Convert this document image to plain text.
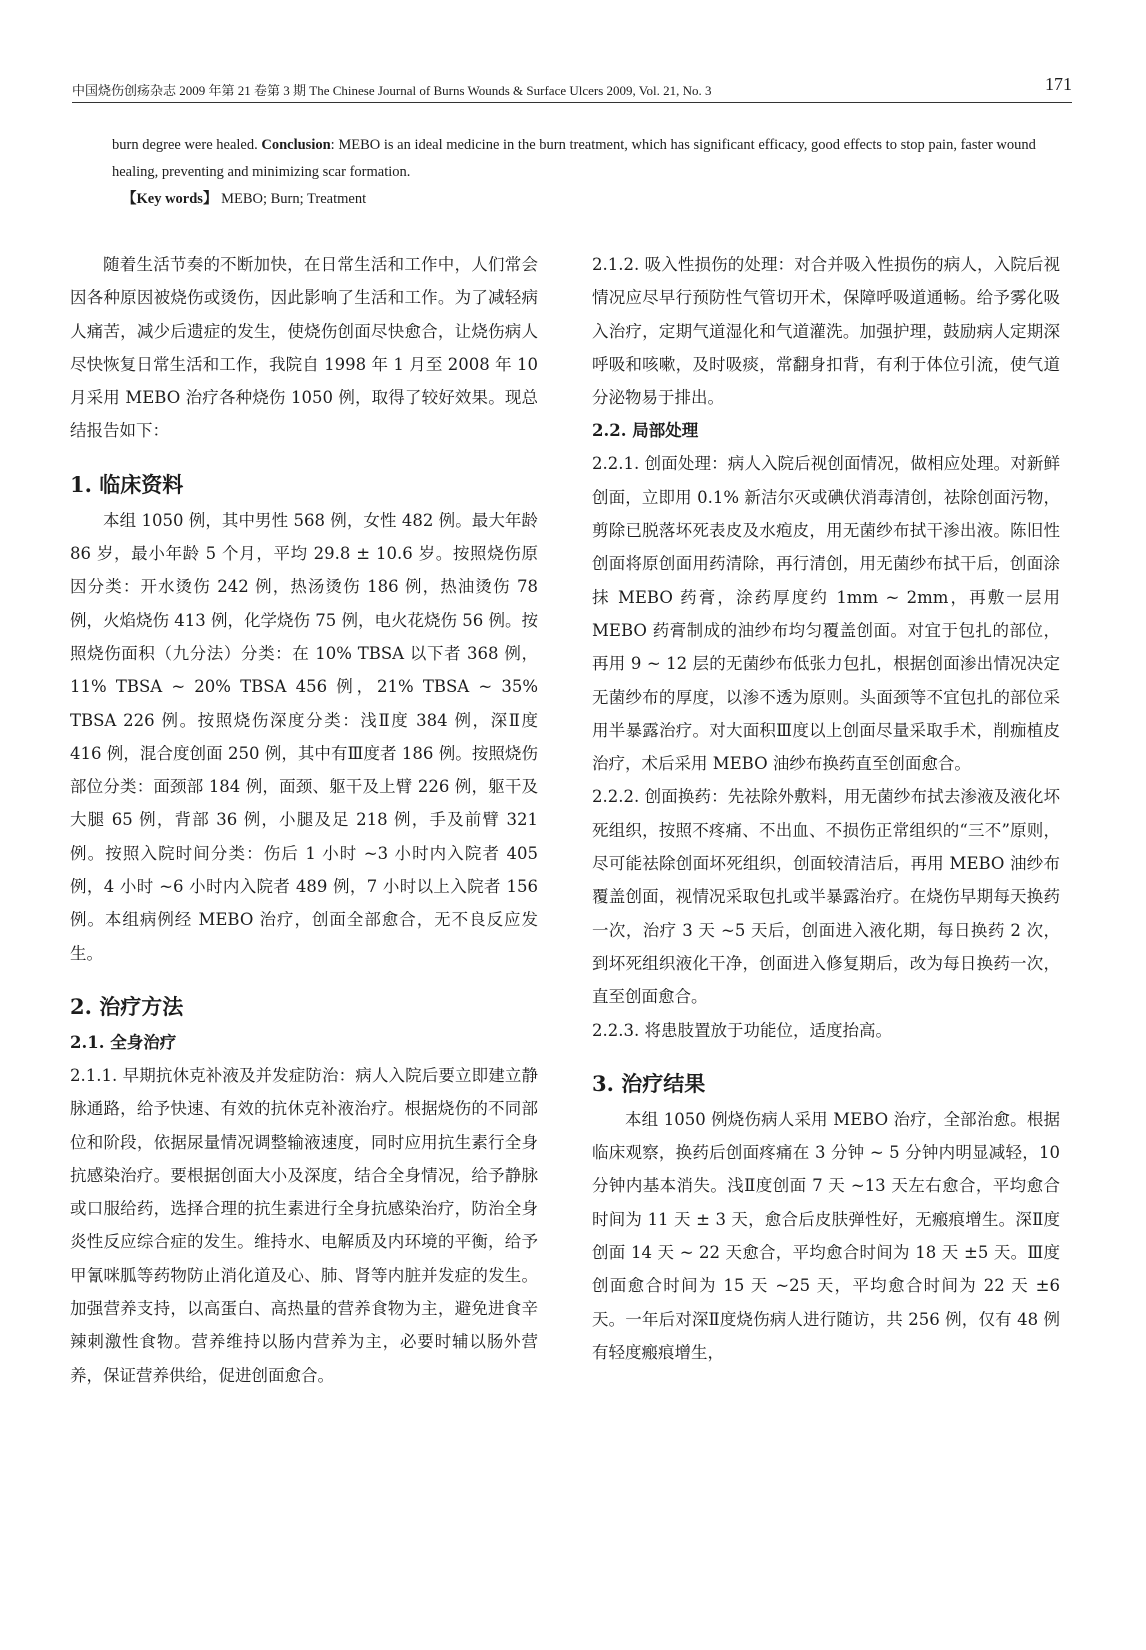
中国烧伤创疡杂志 2009 年第 21 卷第 3 期 The Chinese Journal of Burns Wounds & Surface Ulcers 2009, Vol. 21, No. 3	171

burn degree were healed. Conclusion: MEBO is an ideal medicine in the burn treatment, which has significant efficacy, good effects to stop pain, faster wound healing, preventing and minimizing scar formation.

【Key words】 MEBO; Burn; Treatment

随着生活节奏的不断加快，在日常生活和工作中，人们常会因各种原因被烧伤或烫伤，因此影响了生活和工作。为了减轻病人痛苦，减少后遗症的发生，使烧伤创面尽快愈合，让烧伤病人尽快恢复日常生活和工作，我院自 1998 年 1 月至 2008 年 10 月采用 MEBO 治疗各种烧伤 1050 例，取得了较好效果。现总结报告如下：

1. 临床资料

本组 1050 例，其中男性 568 例，女性 482 例。最大年龄 86 岁，最小年龄 5 个月，平均 29.8 ± 10.6 岁。按照烧伤原因分类：开水烫伤 242 例，热汤烫伤 186 例，热油烫伤 78 例，火焰烧伤 413 例，化学烧伤 75 例，电火花烧伤 56 例。按照烧伤面积（九分法）分类：在 10% TBSA 以下者 368 例，11% TBSA ~ 20% TBSA 456 例，21% TBSA ~ 35% TBSA 226 例。按照烧伤深度分类：浅Ⅱ度 384 例，深Ⅱ度 416 例，混合度创面 250 例，其中有Ⅲ度者 186 例。按照烧伤部位分类：面颈部 184 例，面颈、躯干及上臂 226 例，躯干及大腿 65 例，背部 36 例，小腿及足 218 例，手及前臂 321 例。按照入院时间分类：伤后 1 小时 ~3 小时内入院者 405 例，4 小时 ~6 小时内入院者 489 例，7 小时以上入院者 156 例。本组病例经 MEBO 治疗，创面全部愈合，无不良反应发生。

2. 治疗方法

2.1. 全身治疗

2.1.1. 早期抗休克补液及并发症防治：病人入院后要立即建立静脉通路，给予快速、有效的抗休克补液治疗。根据烧伤的不同部位和阶段，依据尿量情况调整输液速度，同时应用抗生素行全身抗感染治疗。要根据创面大小及深度，结合全身情况，给予静脉或口服给药，选择合理的抗生素进行全身抗感染治疗，防治全身炎性反应综合症的发生。维持水、电解质及内环境的平衡，给予甲氰咪胍等药物防止消化道及心、肺、肾等内脏并发症的发生。加强营养支持，以高蛋白、高热量的营养食物为主，避免进食辛辣刺激性食物。营养维持以肠内营养为主，必要时辅以肠外营养，保证营养供给，促进创面愈合。

2.1.2. 吸入性损伤的处理：对合并吸入性损伤的病人，入院后视情况应尽早行预防性气管切开术，保障呼吸道通畅。给予雾化吸入治疗，定期气道湿化和气道灌洗。加强护理，鼓励病人定期深呼吸和咳嗽，及时吸痰，常翻身扣背，有利于体位引流，使气道分泌物易于排出。

2.2. 局部处理

2.2.1. 创面处理：病人入院后视创面情况，做相应处理。对新鲜创面，立即用 0.1% 新洁尔灭或碘伏消毒清创，祛除创面污物，剪除已脱落坏死表皮及水疱皮，用无菌纱布拭干渗出液。陈旧性创面将原创面用药清除，再行清创，用无菌纱布拭干后，创面涂抹 MEBO 药膏，涂药厚度约 1mm ~ 2mm，再敷一层用 MEBO 药膏制成的油纱布均匀覆盖创面。对宜于包扎的部位，再用 9 ~ 12 层的无菌纱布低张力包扎，根据创面渗出情况决定无菌纱布的厚度，以渗不透为原则。头面颈等不宜包扎的部位采用半暴露治疗。对大面积Ⅲ度以上创面尽量采取手术，削痂植皮治疗，术后采用 MEBO 油纱布换药直至创面愈合。

2.2.2. 创面换药：先祛除外敷料，用无菌纱布拭去渗液及液化坏死组织，按照不疼痛、不出血、不损伤正常组织的“三不”原则，尽可能祛除创面坏死组织，创面较清洁后，再用 MEBO 油纱布覆盖创面，视情况采取包扎或半暴露治疗。在烧伤早期每天换药一次，治疗 3 天 ~5 天后，创面进入液化期，每日换药 2 次，到坏死组织液化干净，创面进入修复期后，改为每日换药一次，直至创面愈合。

2.2.3. 将患肢置放于功能位，适度抬高。

3. 治疗结果

本组 1050 例烧伤病人采用 MEBO 治疗，全部治愈。根据临床观察，换药后创面疼痛在 3 分钟 ~ 5 分钟内明显减轻，10 分钟内基本消失。浅Ⅱ度创面 7 天 ~13 天左右愈合，平均愈合时间为 11 天 ± 3 天，愈合后皮肤弹性好，无瘢痕增生。深Ⅱ度创面 14 天 ~ 22 天愈合，平均愈合时间为 18 天 ±5 天。Ⅲ度创面愈合时间为 15 天 ~25 天，平均愈合时间为 22 天 ±6 天。一年后对深Ⅱ度烧伤病人进行随访，共 256 例，仅有 48 例有轻度瘢痕增生，
